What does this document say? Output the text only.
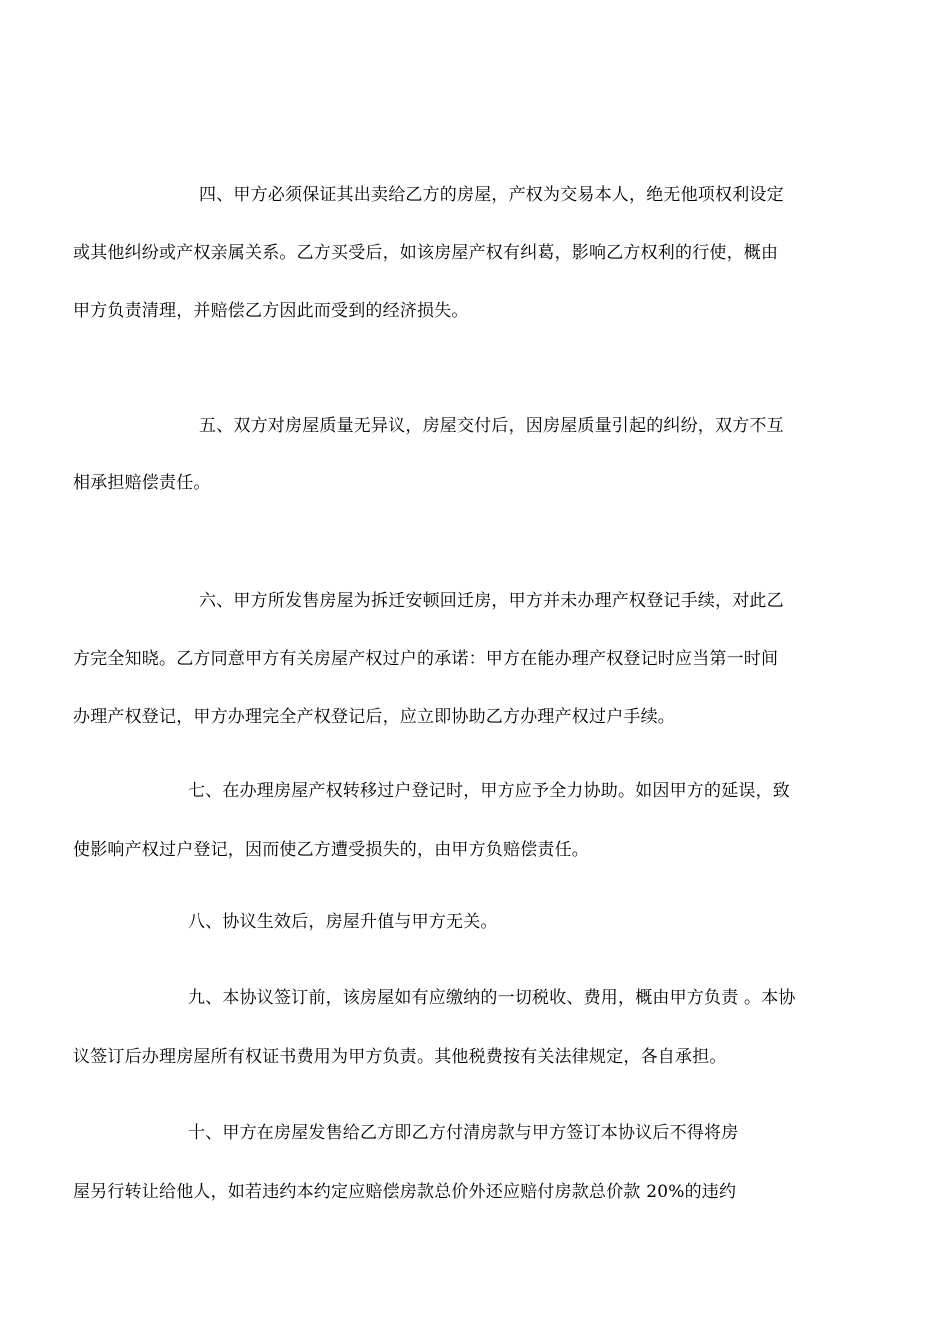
四、甲方必须保证其出卖给乙方的房屋，产权为交易本人，绝无他项权利设定
或其他纠纷或产权亲属关系。乙方买受后，如该房屋产权有纠葛，影响乙方权利的行使，概由
甲方负责清理，并赔偿乙方因此而受到的经济损失。
五、双方对房屋质量无异议，房屋交付后，因房屋质量引起的纠纷，双方不互
相承担赔偿责任。
六、甲方所发售房屋为拆迁安顿回迁房，甲方并未办理产权登记手续，对此乙
方完全知晓。乙方同意甲方有关房屋产权过户的承诺：甲方在能办理产权登记时应当第一时间
办理产权登记，甲方办理完全产权登记后，应立即协助乙方办理产权过户手续。
七、在办理房屋产权转移过户登记时，甲方应予全力协助。如因甲方的延误，致
使影响产权过户登记，因而使乙方遭受损失的，由甲方负赔偿责任。
八、协议生效后，房屋升值与甲方无关。
九、本协议签订前，该房屋如有应缴纳的一切税收、费用，概由甲方负责 。本协
议签订后办理房屋所有权证书费用为甲方负责。其他税费按有关法律规定，各自承担。
十、甲方在房屋发售给乙方即乙方付清房款与甲方签订本协议后不得将房
屋另行转让给他人，如若违约本约定应赔偿房款总价外还应赔付房款总价款 20%的违约
